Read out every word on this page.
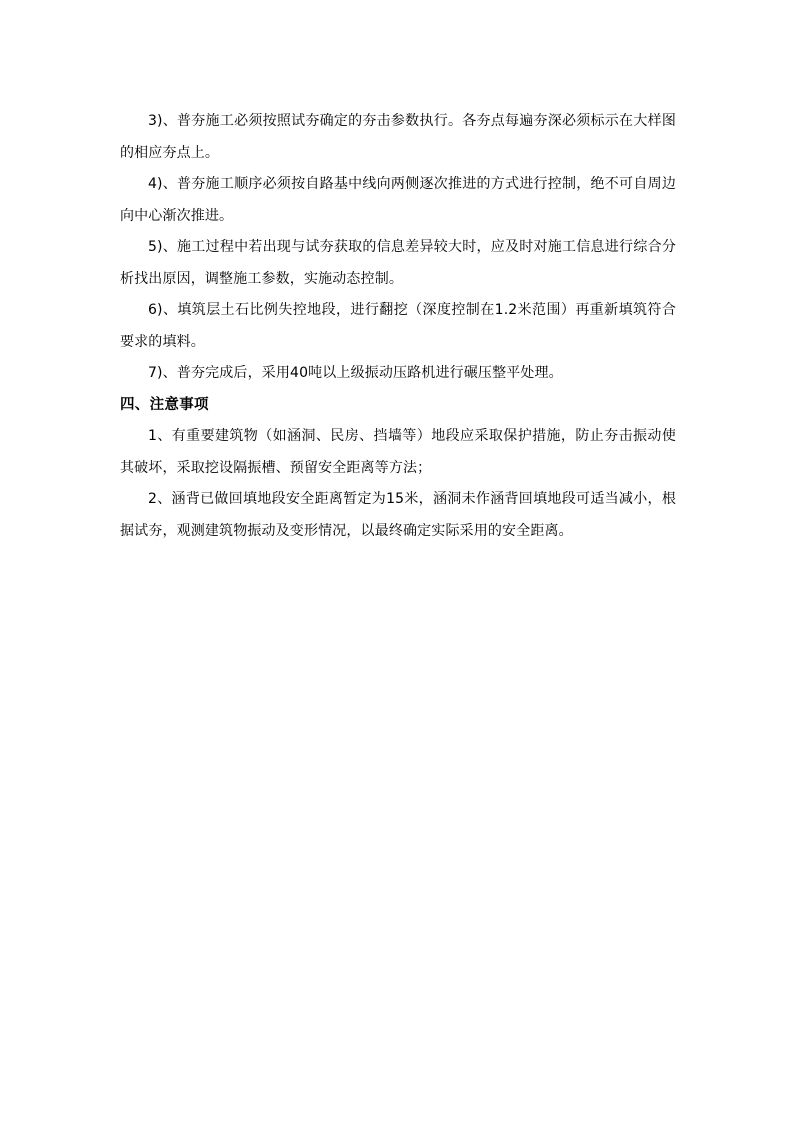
3)、普夯施工必须按照试夯确定的夯击参数执行。各夯点每遍夯深必须标示在大样图的相应夯点上。

4)、普夯施工顺序必须按自路基中线向两侧逐次推进的方式进行控制，绝不可自周边向中心渐次推进。

5)、施工过程中若出现与试夯获取的信息差异较大时，应及时对施工信息进行综合分析找出原因，调整施工参数，实施动态控制。

6)、填筑层土石比例失控地段，进行翻挖（深度控制在1.2米范围）再重新填筑符合要求的填料。

7)、普夯完成后，采用40吨以上级振动压路机进行碾压整平处理。

四、注意事项

1、有重要建筑物（如涵洞、民房、挡墙等）地段应采取保护措施，防止夯击振动使其破坏，采取挖设隔振槽、预留安全距离等方法；

2、涵背已做回填地段安全距离暂定为15米，涵洞未作涵背回填地段可适当减小，根据试夯，观测建筑物振动及变形情况，以最终确定实际采用的安全距离。
